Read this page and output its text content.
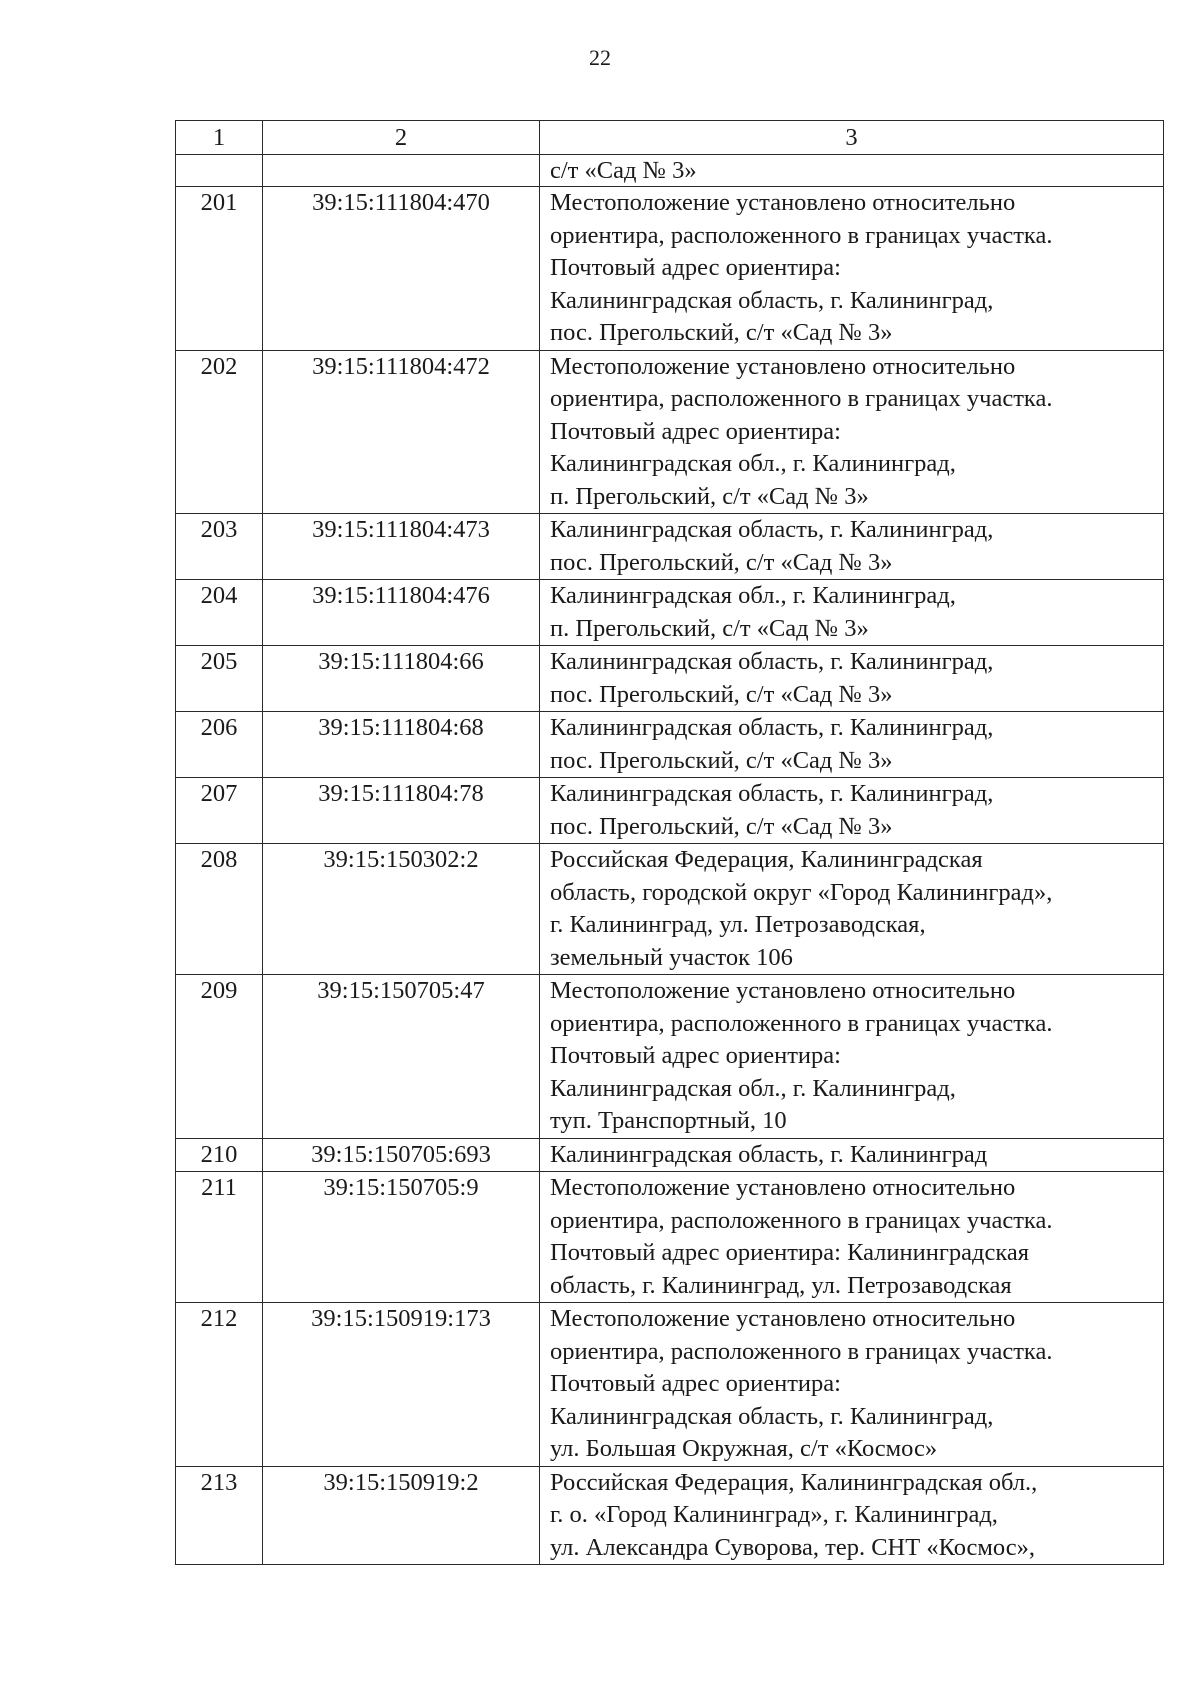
22
1	2	3
		с/т «Сад № 3»
201	39:15:111804:470	Местоположение установлено относительно
ориентира, расположенного в границах участка.
Почтовый адрес ориентира:
Калининградская область, г. Калининград,
пос. Прегольский, с/т «Сад № 3»
202	39:15:111804:472	Местоположение установлено относительно
ориентира, расположенного в границах участка.
Почтовый адрес ориентира:
Калининградская обл., г. Калининград,
п. Прегольский, с/т «Сад № 3»
203	39:15:111804:473	Калининградская область, г. Калининград,
пос. Прегольский, с/т «Сад № 3»
204	39:15:111804:476	Калининградская обл., г. Калининград,
п. Прегольский, с/т «Сад № 3»
205	39:15:111804:66	Калининградская область, г. Калининград,
пос. Прегольский, с/т «Сад № 3»
206	39:15:111804:68	Калининградская область, г. Калининград,
пос. Прегольский, с/т «Сад № 3»
207	39:15:111804:78	Калининградская область, г. Калининград,
пос. Прегольский, с/т «Сад № 3»
208	39:15:150302:2	Российская Федерация, Калининградская
область, городской округ «Город Калининград»,
г. Калининград, ул. Петрозаводская,
земельный участок 106
209	39:15:150705:47	Местоположение установлено относительно
ориентира, расположенного в границах участка.
Почтовый адрес ориентира:
Калининградская обл., г. Калининград,
туп. Транспортный, 10
210	39:15:150705:693	Калининградская область, г. Калининград
211	39:15:150705:9	Местоположение установлено относительно
ориентира, расположенного в границах участка.
Почтовый адрес ориентира: Калининградская
область, г. Калининград, ул. Петрозаводская
212	39:15:150919:173	Местоположение установлено относительно
ориентира, расположенного в границах участка.
Почтовый адрес ориентира:
Калининградская область, г. Калининград,
ул. Большая Окружная, с/т «Космос»
213	39:15:150919:2	Российская Федерация, Калининградская обл.,
г. о. «Город Калининград», г. Калининград,
ул. Александра Суворова, тер. СНТ «Космос»,
